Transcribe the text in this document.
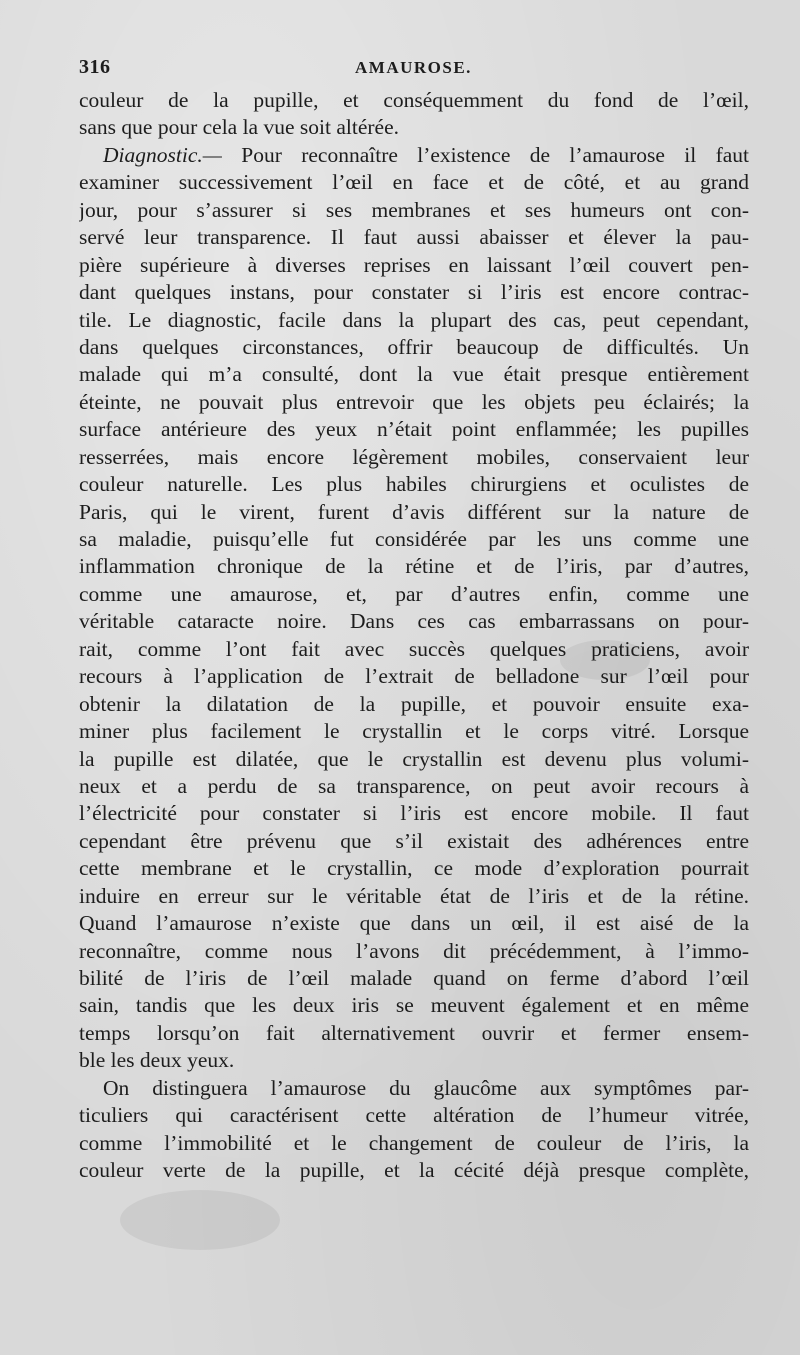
316	AMAUROSE.
couleur de la pupille, et conséquemment du fond de l’œil,
sans que pour cela la vue soit altérée.
Diagnostic.— Pour reconnaître l’existence de l’amaurose il faut
examiner successivement l’œil en face et de côté, et au grand
jour, pour s’assurer si ses membranes et ses humeurs ont con-
servé leur transparence. Il faut aussi abaisser et élever la pau-
pière supérieure à diverses reprises en laissant l’œil couvert pen-
dant quelques instans, pour constater si l’iris est encore contrac-
tile. Le diagnostic, facile dans la plupart des cas, peut cependant,
dans quelques circonstances, offrir beaucoup de difficultés. Un
malade qui m’a consulté, dont la vue était presque entièrement
éteinte, ne pouvait plus entrevoir que les objets peu éclairés; la
surface antérieure des yeux n’était point enflammée; les pupilles
resserrées, mais encore légèrement mobiles, conservaient leur
couleur naturelle. Les plus habiles chirurgiens et oculistes de
Paris, qui le virent, furent d’avis différent sur la nature de
sa maladie, puisqu’elle fut considérée par les uns comme une
inflammation chronique de la rétine et de l’iris, par d’autres,
comme une amaurose, et, par d’autres enfin, comme une
véritable cataracte noire. Dans ces cas embarrassans on pour-
rait, comme l’ont fait avec succès quelques praticiens, avoir
recours à l’application de l’extrait de belladone sur l’œil pour
obtenir la dilatation de la pupille, et pouvoir ensuite exa-
miner plus facilement le crystallin et le corps vitré. Lorsque
la pupille est dilatée, que le crystallin est devenu plus volumi-
neux et a perdu de sa transparence, on peut avoir recours à
l’électricité pour constater si l’iris est encore mobile. Il faut
cependant être prévenu que s’il existait des adhérences entre
cette membrane et le crystallin, ce mode d’exploration pourrait
induire en erreur sur le véritable état de l’iris et de la rétine.
Quand l’amaurose n’existe que dans un œil, il est aisé de la
reconnaître, comme nous l’avons dit précédemment, à l’immo-
bilité de l’iris de l’œil malade quand on ferme d’abord l’œil
sain, tandis que les deux iris se meuvent également et en même
temps lorsqu’on fait alternativement ouvrir et fermer ensem-
ble les deux yeux.
On distinguera l’amaurose du glaucôme aux symptômes par-
ticuliers qui caractérisent cette altération de l’humeur vitrée,
comme l’immobilité et le changement de couleur de l’iris, la
couleur verte de la pupille, et la cécité déjà presque complète,
